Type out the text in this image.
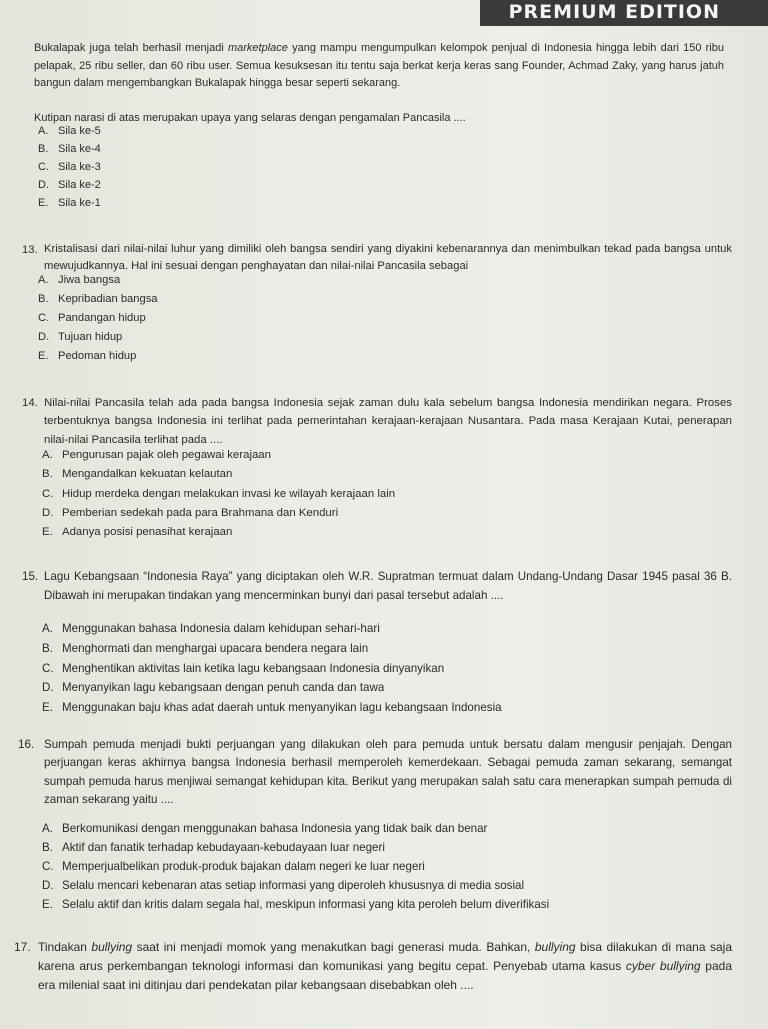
PREMIUM EDITION
Bukalapak juga telah berhasil menjadi marketplace yang mampu mengumpulkan kelompok penjual di Indonesia hingga lebih dari 150 ribu pelapak, 25 ribu seller, dan 60 ribu user. Semua kesuksesan itu tentu saja berkat kerja keras sang Founder, Achmad Zaky, yang harus jatuh bangun dalam mengembangkan Bukalapak hingga besar seperti sekarang.
Kutipan narasi di atas merupakan upaya yang selaras dengan pengamalan Pancasila ....
A. Sila ke-5
B. Sila ke-4
C. Sila ke-3
D. Sila ke-2
E. Sila ke-1
13. Kristalisasi dari nilai-nilai luhur yang dimiliki oleh bangsa sendiri yang diyakini kebenarannya dan menimbulkan tekad pada bangsa untuk mewujudkannya. Hal ini sesuai dengan penghayatan dan nilai-nilai Pancasila sebagai
A. Jiwa bangsa
B. Kepribadian bangsa
C. Pandangan hidup
D. Tujuan hidup
E. Pedoman hidup
14. Nilai-nilai Pancasila telah ada pada bangsa Indonesia sejak zaman dulu kala sebelum bangsa Indonesia mendirikan negara. Proses terbentuknya bangsa Indonesia ini terlihat pada pemerintahan kerajaan-kerajaan Nusantara. Pada masa Kerajaan Kutai, penerapan nilai-nilai Pancasila terlihat pada ....
A. Pengurusan pajak oleh pegawai kerajaan
B. Mengandalkan kekuatan kelautan
C. Hidup merdeka dengan melakukan invasi ke wilayah kerajaan lain
D. Pemberian sedekah pada para Brahmana dan Kenduri
E. Adanya posisi penasihat kerajaan
15. Lagu Kebangsaan “Indonesia Raya” yang diciptakan oleh W.R. Supratman termuat dalam Undang-Undang Dasar 1945 pasal 36 B. Dibawah ini merupakan tindakan yang mencerminkan bunyi dari pasal tersebut adalah ....
A. Menggunakan bahasa Indonesia dalam kehidupan sehari-hari
B. Menghormati dan menghargai upacara bendera negara lain
C. Menghentikan aktivitas lain ketika lagu kebangsaan Indonesia dinyanyikan
D. Menyanyikan lagu kebangsaan dengan penuh canda dan tawa
E. Menggunakan baju khas adat daerah untuk menyanyikan lagu kebangsaan Indonesia
16. Sumpah pemuda menjadi bukti perjuangan yang dilakukan oleh para pemuda untuk bersatu dalam mengusir penjajah. Dengan perjuangan keras akhirnya bangsa Indonesia berhasil memperoleh kemerdekaan. Sebagai pemuda zaman sekarang, semangat sumpah pemuda harus menjiwai semangat kehidupan kita. Berikut yang merupakan salah satu cara menerapkan sumpah pemuda di zaman sekarang yaitu ....
A. Berkomunikasi dengan menggunakan bahasa Indonesia yang tidak baik dan benar
B. Aktif dan fanatik terhadap kebudayaan-kebudayaan luar negeri
C. Memperjualbelikan produk-produk bajakan dalam negeri ke luar negeri
D. Selalu mencari kebenaran atas setiap informasi yang diperoleh khususnya di media sosial
E. Selalu aktif dan kritis dalam segala hal, meskipun informasi yang kita peroleh belum diverifikasi
17. Tindakan bullying saat ini menjadi momok yang menakutkan bagi generasi muda. Bahkan, bullying bisa dilakukan di mana saja karena arus perkembangan teknologi informasi dan komunikasi yang begitu cepat. Penyebab utama kasus cyber bullying pada era milenial saat ini ditinjau dari pendekatan pilar kebangsaan disebabkan oleh ....
